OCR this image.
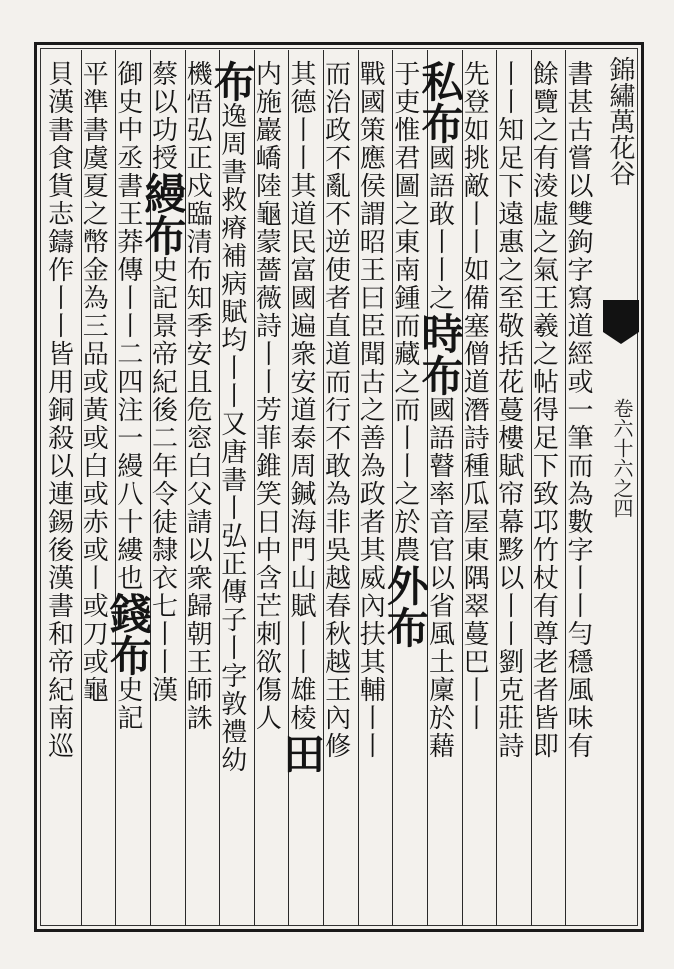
錦繡萬花谷
卷六十六之四
書甚古嘗以雙鉤字寫道經或一筆而為數字丨丨勻穩風味有
餘覽之有淩虛之氣王羲之帖得足下致邛竹杖有尊老者皆即
丨丨知足下遠惠之至敬括花蔓樓賦帘幕黟以丨丨劉克莊詩
先登如挑敵丨丨如備塞僧道潛詩種瓜屋東隅翠蔓巴丨丨
私布國語敢丨丨之時布國語瞽率音官以省風土廩於藉
于吏惟君圖之東南鍾而藏之而丨丨之於農外布
戰國策應侯謂昭王曰臣聞古之善為政者其威內扶其輔丨丨
而治政不亂不逆使者直道而行不敢為非吳越春秋越王內修
其德丨丨其道民富國遍衆安道泰周鍼海門山賦丨丨雄棱田
内施巖嶠陸龜蒙薔薇詩丨丨芳菲錐笑日中含芒刺欲傷人
布逸周書救瘠補病賦均丨丨又唐書丨弘正傳子丨字敦禮幼
機悟弘正戍臨清布知季安且危窓白父請以衆歸朝王師誅
蔡以功授縵布史記景帝紀後二年令徒隸衣七丨丨漢
御史中丞書王莽傳丨丨二四注一縵八十縷也錢布史記
平準書虞夏之幣金為三品或黃或白或赤或丨或刀或龜
貝漢書食貨志鑄作丨丨皆用銅殺以連錫後漢書和帝紀南巡
